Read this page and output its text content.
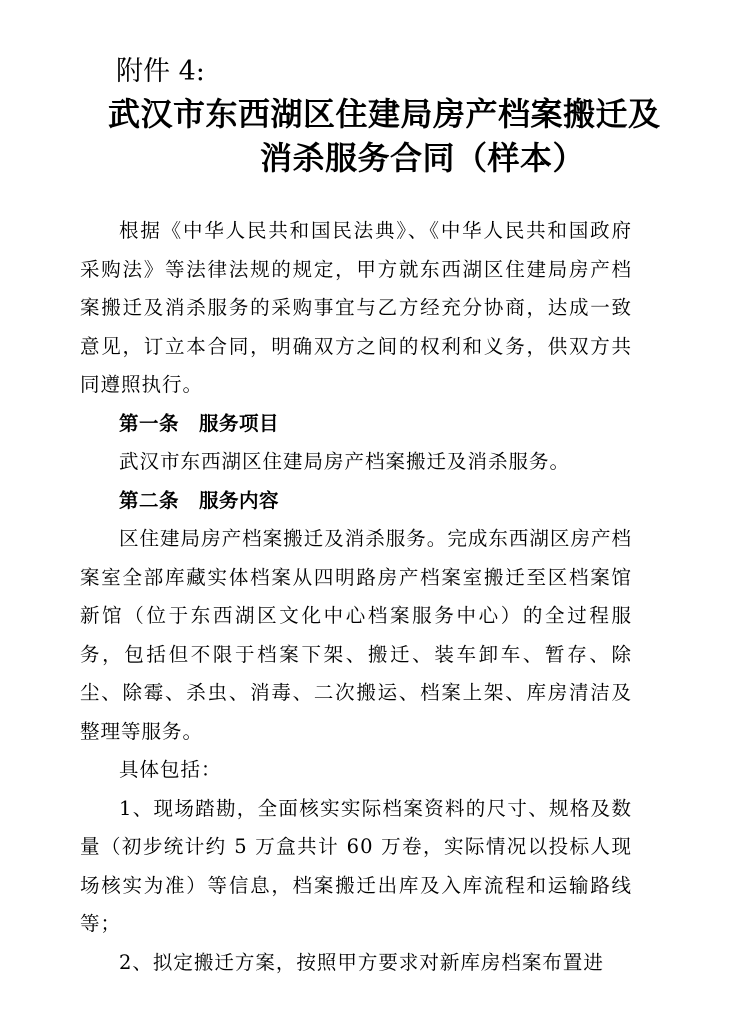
附件 4:
武汉市东西湖区住建局房产档案搬迁及
消杀服务合同（样本）

根据《中华人民共和国民法典》、《中华人民共和国政府采购法》等法律法规的规定，甲方就东西湖区住建局房产档案搬迁及消杀服务的采购事宜与乙方经充分协商，达成一致意见，订立本合同，明确双方之间的权利和义务，供双方共同遵照执行。

第一条 服务项目

武汉市东西湖区住建局房产档案搬迁及消杀服务。

第二条 服务内容

区住建局房产档案搬迁及消杀服务。完成东西湖区房产档案室全部库藏实体档案从四明路房产档案室搬迁至区档案馆新馆（位于东西湖区文化中心档案服务中心）的全过程服务，包括但不限于档案下架、搬迁、装车卸车、暂存、除尘、除霉、杀虫、消毒、二次搬运、档案上架、库房清洁及整理等服务。

具体包括：

1、现场踏勘，全面核实实际档案资料的尺寸、规格及数量（初步统计约 5 万盒共计 60 万卷，实际情况以投标人现场核实为准）等信息，档案搬迁出库及入库流程和运输路线等；

2、拟定搬迁方案，按照甲方要求对新库房档案布置进
